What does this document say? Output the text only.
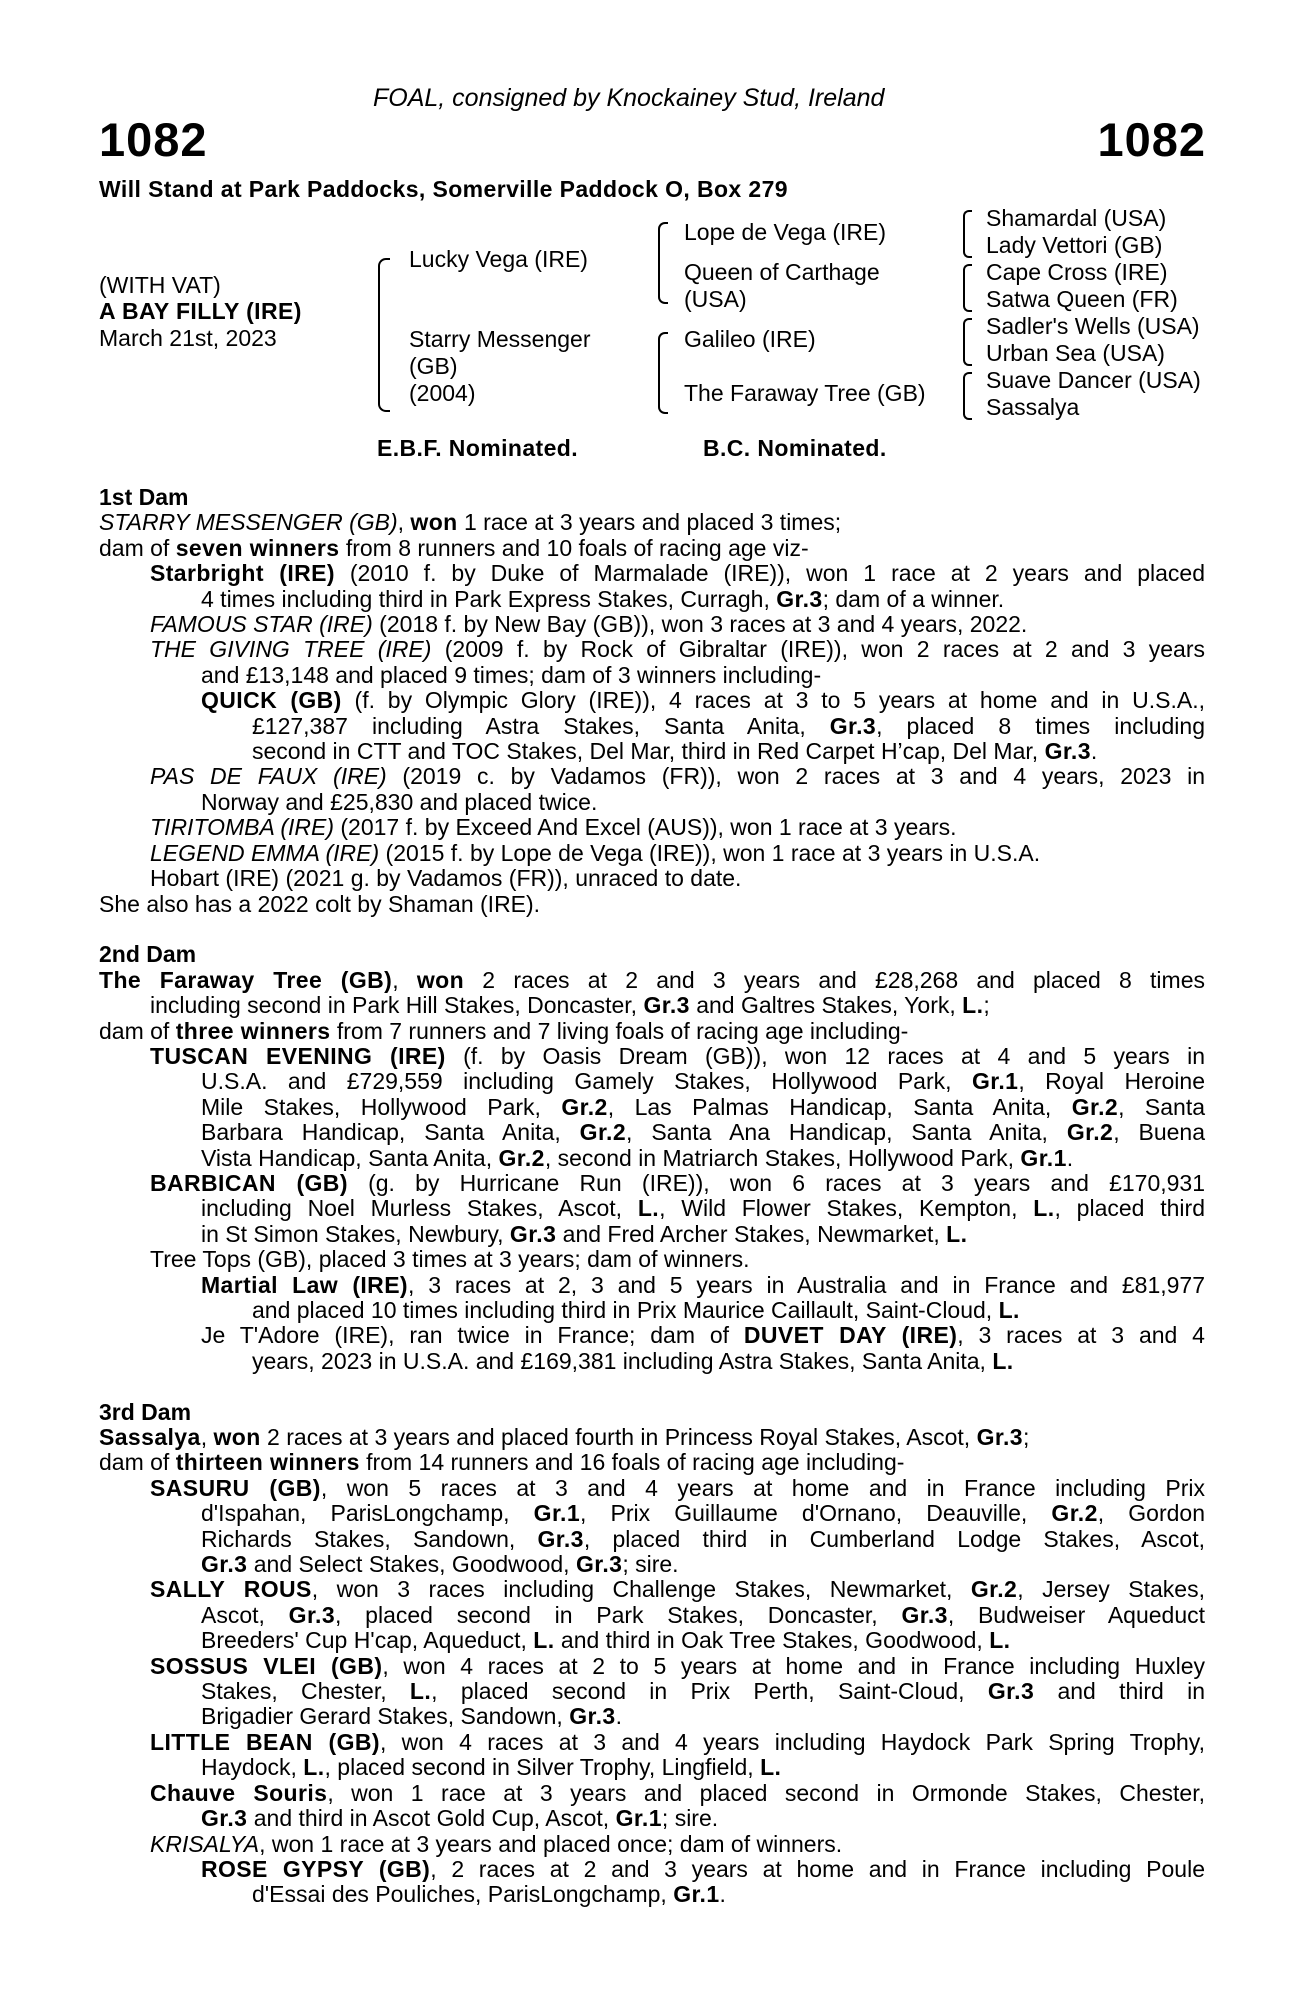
FOAL, consigned by Knockainey Stud, Ireland
1082	1082
Will Stand at Park Paddocks, Somerville Paddock O, Box 279
(WITH VAT)
A BAY FILLY (IRE)
March 21st, 2023
Lucky Vega (IRE)
Starry Messenger
(GB)
(2004)
Lope de Vega (IRE)
Queen of Carthage
(USA)
Galileo (IRE)
The Faraway Tree (GB)
Shamardal (USA)
Lady Vettori (GB)
Cape Cross (IRE)
Satwa Queen (FR)
Sadler's Wells (USA)
Urban Sea (USA)
Suave Dancer (USA)
Sassalya
E.B.F. Nominated.	B.C. Nominated.
1st Dam
STARRY MESSENGER (GB), won 1 race at 3 years and placed 3 times;
dam of seven winners from 8 runners and 10 foals of racing age viz-
Starbright (IRE) (2010 f. by Duke of Marmalade (IRE)), won 1 race at 2 years and placed
4 times including third in Park Express Stakes, Curragh, Gr.3; dam of a winner.
FAMOUS STAR (IRE) (2018 f. by New Bay (GB)), won 3 races at 3 and 4 years, 2022.
THE GIVING TREE (IRE) (2009 f. by Rock of Gibraltar (IRE)), won 2 races at 2 and 3 years
and £13,148 and placed 9 times; dam of 3 winners including-
QUICK (GB) (f. by Olympic Glory (IRE)), 4 races at 3 to 5 years at home and in U.S.A.,
£127,387 including Astra Stakes, Santa Anita, Gr.3, placed 8 times including
second in CTT and TOC Stakes, Del Mar, third in Red Carpet H’cap, Del Mar, Gr.3.
PAS DE FAUX (IRE) (2019 c. by Vadamos (FR)), won 2 races at 3 and 4 years, 2023 in
Norway and £25,830 and placed twice.
TIRITOMBA (IRE) (2017 f. by Exceed And Excel (AUS)), won 1 race at 3 years.
LEGEND EMMA (IRE) (2015 f. by Lope de Vega (IRE)), won 1 race at 3 years in U.S.A.
Hobart (IRE) (2021 g. by Vadamos (FR)), unraced to date.
She also has a 2022 colt by Shaman (IRE).
2nd Dam
The Faraway Tree (GB), won 2 races at 2 and 3 years and £28,268 and placed 8 times
including second in Park Hill Stakes, Doncaster, Gr.3 and Galtres Stakes, York, L.;
dam of three winners from 7 runners and 7 living foals of racing age including-
TUSCAN EVENING (IRE) (f. by Oasis Dream (GB)), won 12 races at 4 and 5 years in
U.S.A. and £729,559 including Gamely Stakes, Hollywood Park, Gr.1, Royal Heroine
Mile Stakes, Hollywood Park, Gr.2, Las Palmas Handicap, Santa Anita, Gr.2, Santa
Barbara Handicap, Santa Anita, Gr.2, Santa Ana Handicap, Santa Anita, Gr.2, Buena
Vista Handicap, Santa Anita, Gr.2, second in Matriarch Stakes, Hollywood Park, Gr.1.
BARBICAN (GB) (g. by Hurricane Run (IRE)), won 6 races at 3 years and £170,931
including Noel Murless Stakes, Ascot, L., Wild Flower Stakes, Kempton, L., placed third
in St Simon Stakes, Newbury, Gr.3 and Fred Archer Stakes, Newmarket, L.
Tree Tops (GB), placed 3 times at 3 years; dam of winners.
Martial Law (IRE), 3 races at 2, 3 and 5 years in Australia and in France and £81,977
and placed 10 times including third in Prix Maurice Caillault, Saint-Cloud, L.
Je T'Adore (IRE), ran twice in France; dam of DUVET DAY (IRE), 3 races at 3 and 4
years, 2023 in U.S.A. and £169,381 including Astra Stakes, Santa Anita, L.
3rd Dam
Sassalya, won 2 races at 3 years and placed fourth in Princess Royal Stakes, Ascot, Gr.3;
dam of thirteen winners from 14 runners and 16 foals of racing age including-
SASURU (GB), won 5 races at 3 and 4 years at home and in France including Prix
d'Ispahan, ParisLongchamp, Gr.1, Prix Guillaume d'Ornano, Deauville, Gr.2, Gordon
Richards Stakes, Sandown, Gr.3, placed third in Cumberland Lodge Stakes, Ascot,
Gr.3 and Select Stakes, Goodwood, Gr.3; sire.
SALLY ROUS, won 3 races including Challenge Stakes, Newmarket, Gr.2, Jersey Stakes,
Ascot, Gr.3, placed second in Park Stakes, Doncaster, Gr.3, Budweiser Aqueduct
Breeders' Cup H'cap, Aqueduct, L. and third in Oak Tree Stakes, Goodwood, L.
SOSSUS VLEI (GB), won 4 races at 2 to 5 years at home and in France including Huxley
Stakes, Chester, L., placed second in Prix Perth, Saint-Cloud, Gr.3 and third in
Brigadier Gerard Stakes, Sandown, Gr.3.
LITTLE BEAN (GB), won 4 races at 3 and 4 years including Haydock Park Spring Trophy,
Haydock, L., placed second in Silver Trophy, Lingfield, L.
Chauve Souris, won 1 race at 3 years and placed second in Ormonde Stakes, Chester,
Gr.3 and third in Ascot Gold Cup, Ascot, Gr.1; sire.
KRISALYA, won 1 race at 3 years and placed once; dam of winners.
ROSE GYPSY (GB), 2 races at 2 and 3 years at home and in France including Poule
d'Essai des Pouliches, ParisLongchamp, Gr.1.
